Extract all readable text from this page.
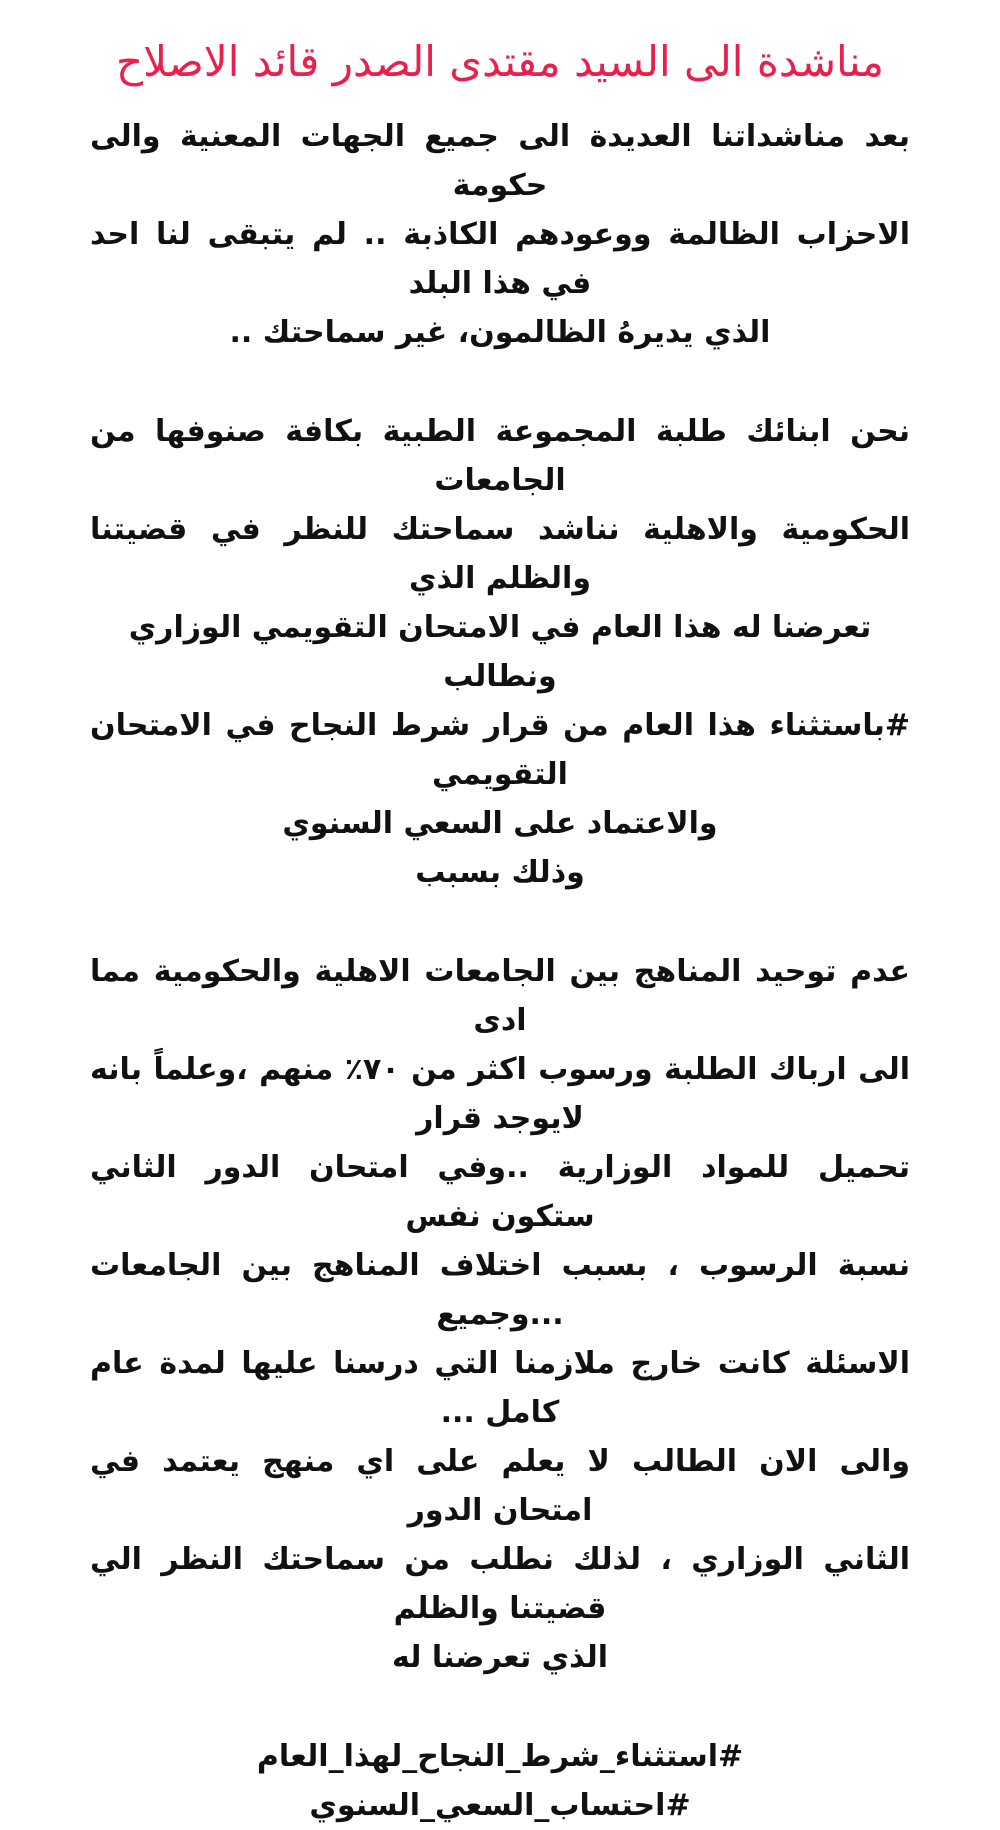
مناشدة الى السيد مقتدى الصدر قائد الاصلاح
بعد مناشداتنا العديدة الى جميع الجهات المعنية والى حكومة
الاحزاب الظالمة ووعودهم الكاذبة .. لم يتبقى لنا احد في هذا البلد
الذي يديرهُ الظالمون، غير سماحتك ..
نحن ابنائك طلبة المجموعة الطبية بكافة صنوفها من الجامعات
الحكومية والاهلية نناشد سماحتك للنظر في قضيتنا والظلم الذي
تعرضنا له هذا العام في الامتحان التقويمي الوزاري ونطالب
#باستثناء هذا العام من قرار شرط النجاح في الامتحان التقويمي
والاعتماد على السعي السنوي
وذلك بسبب
عدم توحيد المناهج بين الجامعات الاهلية والحكومية مما ادى
الى ارباك الطلبة ورسوب اكثر من ٧٠٪ منهم ،وعلماً بانه لايوجد قرار
تحميل للمواد الوزارية ..وفي امتحان الدور الثاني ستكون نفس
نسبة الرسوب ، بسبب اختلاف المناهج بين الجامعات ...وجميع
الاسئلة كانت خارج ملازمنا التي درسنا عليها لمدة عام كامل ...
والى الان الطالب لا يعلم على اي منهج يعتمد في امتحان الدور
الثاني الوزاري ، لذلك نطلب من سماحتك النظر الي قضيتنا والظلم
الذي تعرضنا له
#استثناء_شرط_النجاح_لهذا_العام
#احتساب_السعي_السنوي
